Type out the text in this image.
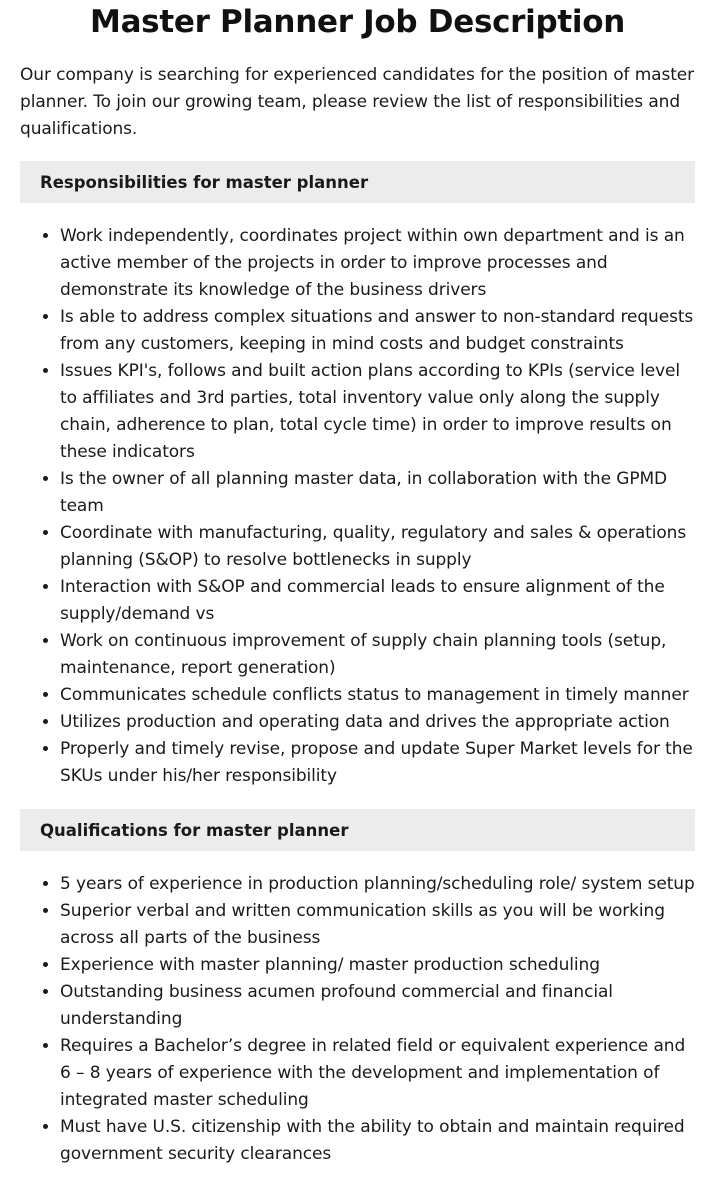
Master Planner Job Description

Our company is searching for experienced candidates for the position of master planner. To join our growing team, please review the list of responsibilities and qualifications.

Responsibilities for master planner
• Work independently, coordinates project within own department and is an active member of the projects in order to improve processes and demonstrate its knowledge of the business drivers
• Is able to address complex situations and answer to non-standard requests from any customers, keeping in mind costs and budget constraints
• Issues KPI's, follows and built action plans according to KPIs (service level to affiliates and 3rd parties, total inventory value only along the supply chain, adherence to plan, total cycle time) in order to improve results on these indicators
• Is the owner of all planning master data, in collaboration with the GPMD team
• Coordinate with manufacturing, quality, regulatory and sales & operations planning (S&OP) to resolve bottlenecks in supply
• Interaction with S&OP and commercial leads to ensure alignment of the supply/demand vs
• Work on continuous improvement of supply chain planning tools (setup, maintenance, report generation)
• Communicates schedule conflicts status to management in timely manner
• Utilizes production and operating data and drives the appropriate action
• Properly and timely revise, propose and update Super Market levels for the SKUs under his/her responsibility
Qualifications for master planner
• 5 years of experience in production planning/scheduling role/ system setup
• Superior verbal and written communication skills as you will be working across all parts of the business
• Experience with master planning/ master production scheduling
• Outstanding business acumen profound commercial and financial understanding
• Requires a Bachelor’s degree in related field or equivalent experience and 6 – 8 years of experience with the development and implementation of integrated master scheduling
• Must have U.S. citizenship with the ability to obtain and maintain required government security clearances
